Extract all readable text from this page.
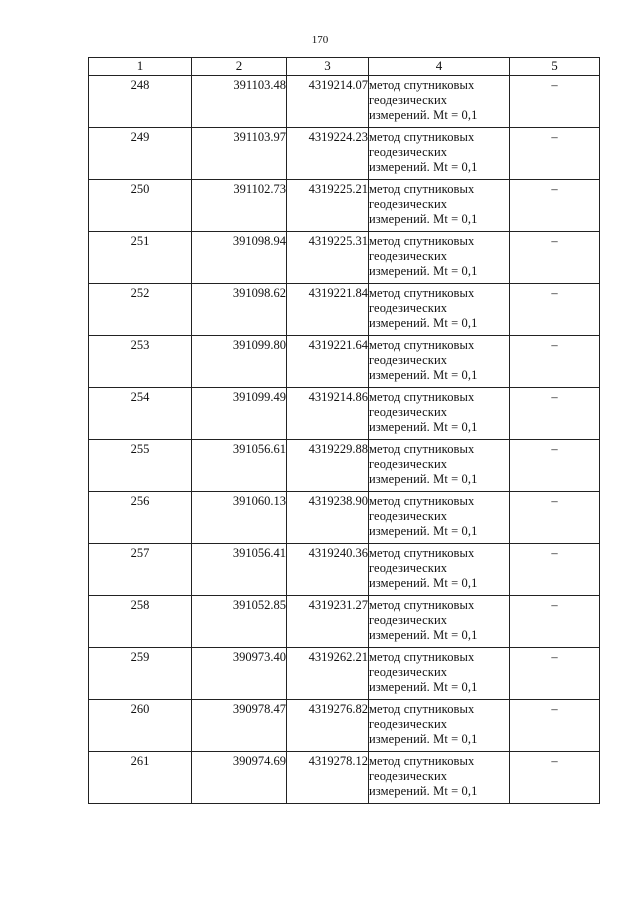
170
1	2	3	4	5
248	391103.48	4319214.07	метод спутниковых
геодезических
измерений. Mt = 0,1	–
249	391103.97	4319224.23	метод спутниковых
геодезических
измерений. Mt = 0,1	–
250	391102.73	4319225.21	метод спутниковых
геодезических
измерений. Mt = 0,1	–
251	391098.94	4319225.31	метод спутниковых
геодезических
измерений. Mt = 0,1	–
252	391098.62	4319221.84	метод спутниковых
геодезических
измерений. Mt = 0,1	–
253	391099.80	4319221.64	метод спутниковых
геодезических
измерений. Mt = 0,1	–
254	391099.49	4319214.86	метод спутниковых
геодезических
измерений. Mt = 0,1	–
255	391056.61	4319229.88	метод спутниковых
геодезических
измерений. Mt = 0,1	–
256	391060.13	4319238.90	метод спутниковых
геодезических
измерений. Mt = 0,1	–
257	391056.41	4319240.36	метод спутниковых
геодезических
измерений. Mt = 0,1	–
258	391052.85	4319231.27	метод спутниковых
геодезических
измерений. Mt = 0,1	–
259	390973.40	4319262.21	метод спутниковых
геодезических
измерений. Mt = 0,1	–
260	390978.47	4319276.82	метод спутниковых
геодезических
измерений. Mt = 0,1	–
261	390974.69	4319278.12	метод спутниковых
геодезических
измерений. Mt = 0,1	–
